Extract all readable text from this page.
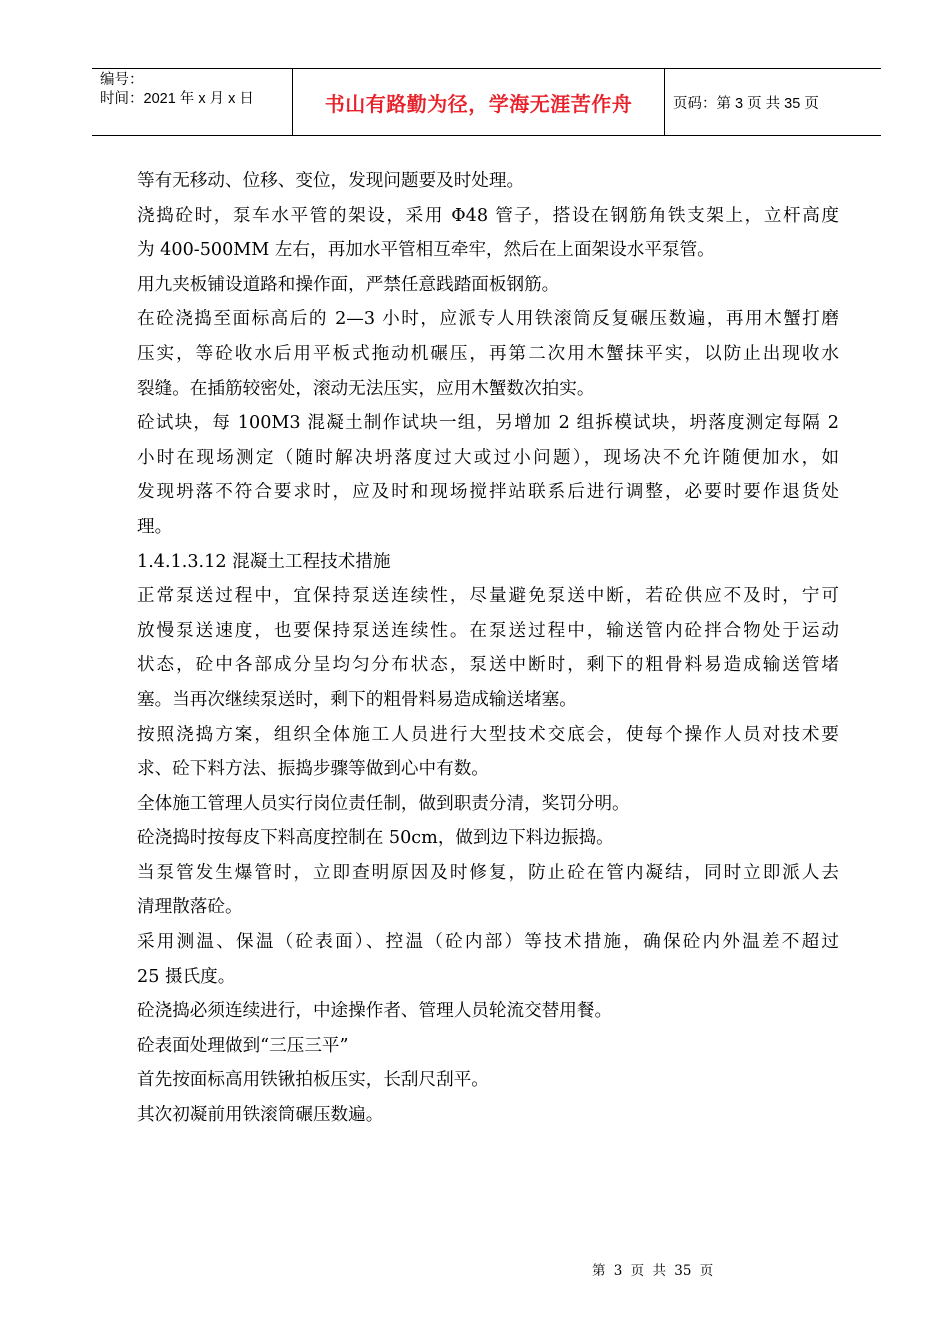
编号：
时间：2021 年 x 月 x 日	书山有路勤为径，学海无涯苦作舟	页码：第 3 页 共 35 页
等有无移动、位移、变位，发现问题要及时处理。
浇捣砼时，泵车水平管的架设，采用 Φ48 管子，搭设在钢筋角铁支架上，立杆高度
为 400-500MM 左右，再加水平管相互牵牢，然后在上面架设水平泵管。
用九夹板铺设道路和操作面，严禁任意践踏面板钢筋。
在砼浇捣至面标高后的 2—3 小时，应派专人用铁滚筒反复碾压数遍，再用木蟹打磨
压实，等砼收水后用平板式拖动机碾压，再第二次用木蟹抹平实，以防止出现收水
裂缝。在插筋较密处，滚动无法压实，应用木蟹数次拍实。
砼试块，每 100M3 混凝土制作试块一组，另增加 2 组拆模试块，坍落度测定每隔 2
小时在现场测定（随时解决坍落度过大或过小问题），现场决不允许随便加水，如
发现坍落不符合要求时，应及时和现场搅拌站联系后进行调整，必要时要作退货处
理。
1.4.1.3.12 混凝土工程技术措施
正常泵送过程中，宜保持泵送连续性，尽量避免泵送中断，若砼供应不及时，宁可
放慢泵送速度，也要保持泵送连续性。在泵送过程中，输送管内砼拌合物处于运动
状态，砼中各部成分呈均匀分布状态，泵送中断时，剩下的粗骨料易造成输送管堵
塞。当再次继续泵送时，剩下的粗骨料易造成输送堵塞。
按照浇捣方案，组织全体施工人员进行大型技术交底会，使每个操作人员对技术要
求、砼下料方法、振捣步骤等做到心中有数。
全体施工管理人员实行岗位责任制，做到职责分清，奖罚分明。
砼浇捣时按每皮下料高度控制在 50cm，做到边下料边振捣。
当泵管发生爆管时，立即查明原因及时修复，防止砼在管内凝结，同时立即派人去
清理散落砼。
采用测温、保温（砼表面）、控温（砼内部）等技术措施，确保砼内外温差不超过
25 摄氏度。
砼浇捣必须连续进行，中途操作者、管理人员轮流交替用餐。
砼表面处理做到“三压三平”
首先按面标高用铁锹拍板压实，长刮尺刮平。
其次初凝前用铁滚筒碾压数遍。
第 3 页 共 35 页
